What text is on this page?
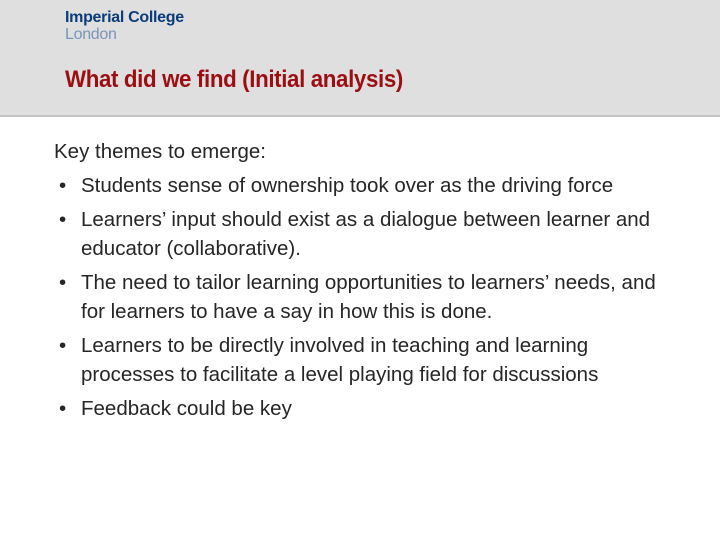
Imperial College
London
What did we find (Initial analysis)

Key themes to emerge:

• Students sense of ownership took over as the driving force
• Learners’ input should exist as a dialogue between learner and educator (collaborative).
• The need to tailor learning opportunities to learners’ needs, and for learners to have a say in how this is done.
• Learners to be directly involved in teaching and learning processes to facilitate a level playing field for discussions
• Feedback could be key
